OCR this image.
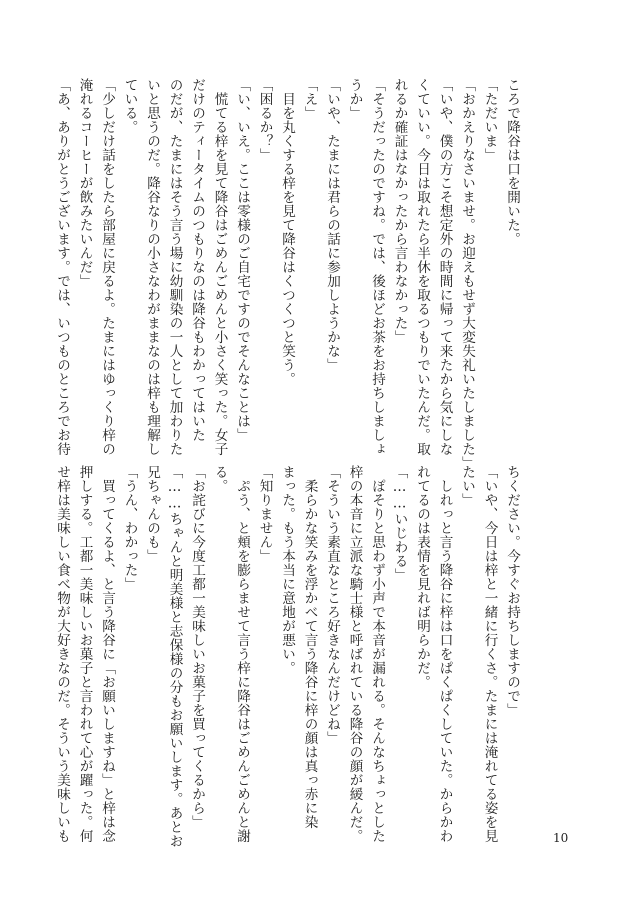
ころで降谷は口を開いた。
「ただいま」
「おかえりなさいませ。お迎えもせず大変失礼いたしました」
「いや、僕の方こそ想定外の時間に帰って来たから気にしな
くていい。今日は取れたら半休を取るつもりでいたんだ。取
れるか確証はなかったから言わなかった」
「そうだったのですね。では、後ほどお茶をお持ちしましょ
うか」
「いや、たまには君らの話に参加しようかな」
「え」
　目を丸くする梓を見て降谷はくつくつと笑う。
「困るか？」
「い、いえ。ここは零様のご自宅ですのでそんなことは」
　慌てる梓を見て降谷はごめんごめんと小さく笑った。女子
だけのティータイムのつもりなのは降谷もわかってはいた
のだが、たまにはそう言う場に幼馴染の一人として加わりた
いと思うのだ。降谷なりの小さなわがままなのは梓も理解し
ている。
「少しだけ話をしたら部屋に戻るよ。たまにはゆっくり梓の
淹れるコーヒーが飲みたいんだ」
「あ、ありがとうございます。では、いつものところでお待
ちください。今すぐお持ちしますので」
「いや、今日は梓と一緒に行くさ。たまには淹れてる姿を見
たい」
　しれっと言う降谷に梓は口をぱくぱくしていた。からかわ
れてるのは表情を見れば明らかだ。
「……いじわる」
　ぽそりと思わず小声で本音が漏れる。そんなちょっとした
梓の本音に立派な騎士様と呼ばれている降谷の顔が緩んだ。
「そういう素直なところ好きなんだけどね」
　柔らかな笑みを浮かべて言う降谷に梓の顔は真っ赤に染
まった。もう本当に意地が悪い。
「知りません」
　ぷう、と頬を膨らませて言う梓に降谷はごめんごめんと謝
る。
「お詫びに今度工都一美味しいお菓子を買ってくるから」
「……ちゃんと明美様と志保様の分もお願いします。あとお
兄ちゃんのも」
「うん、わかった」
　買ってくるよ、と言う降谷に「お願いしますね」と梓は念
押しする。工都一美味しいお菓子と言われて心が躍った。何
せ梓は美味しい食べ物が大好きなのだ。そういう美味しいも	10
